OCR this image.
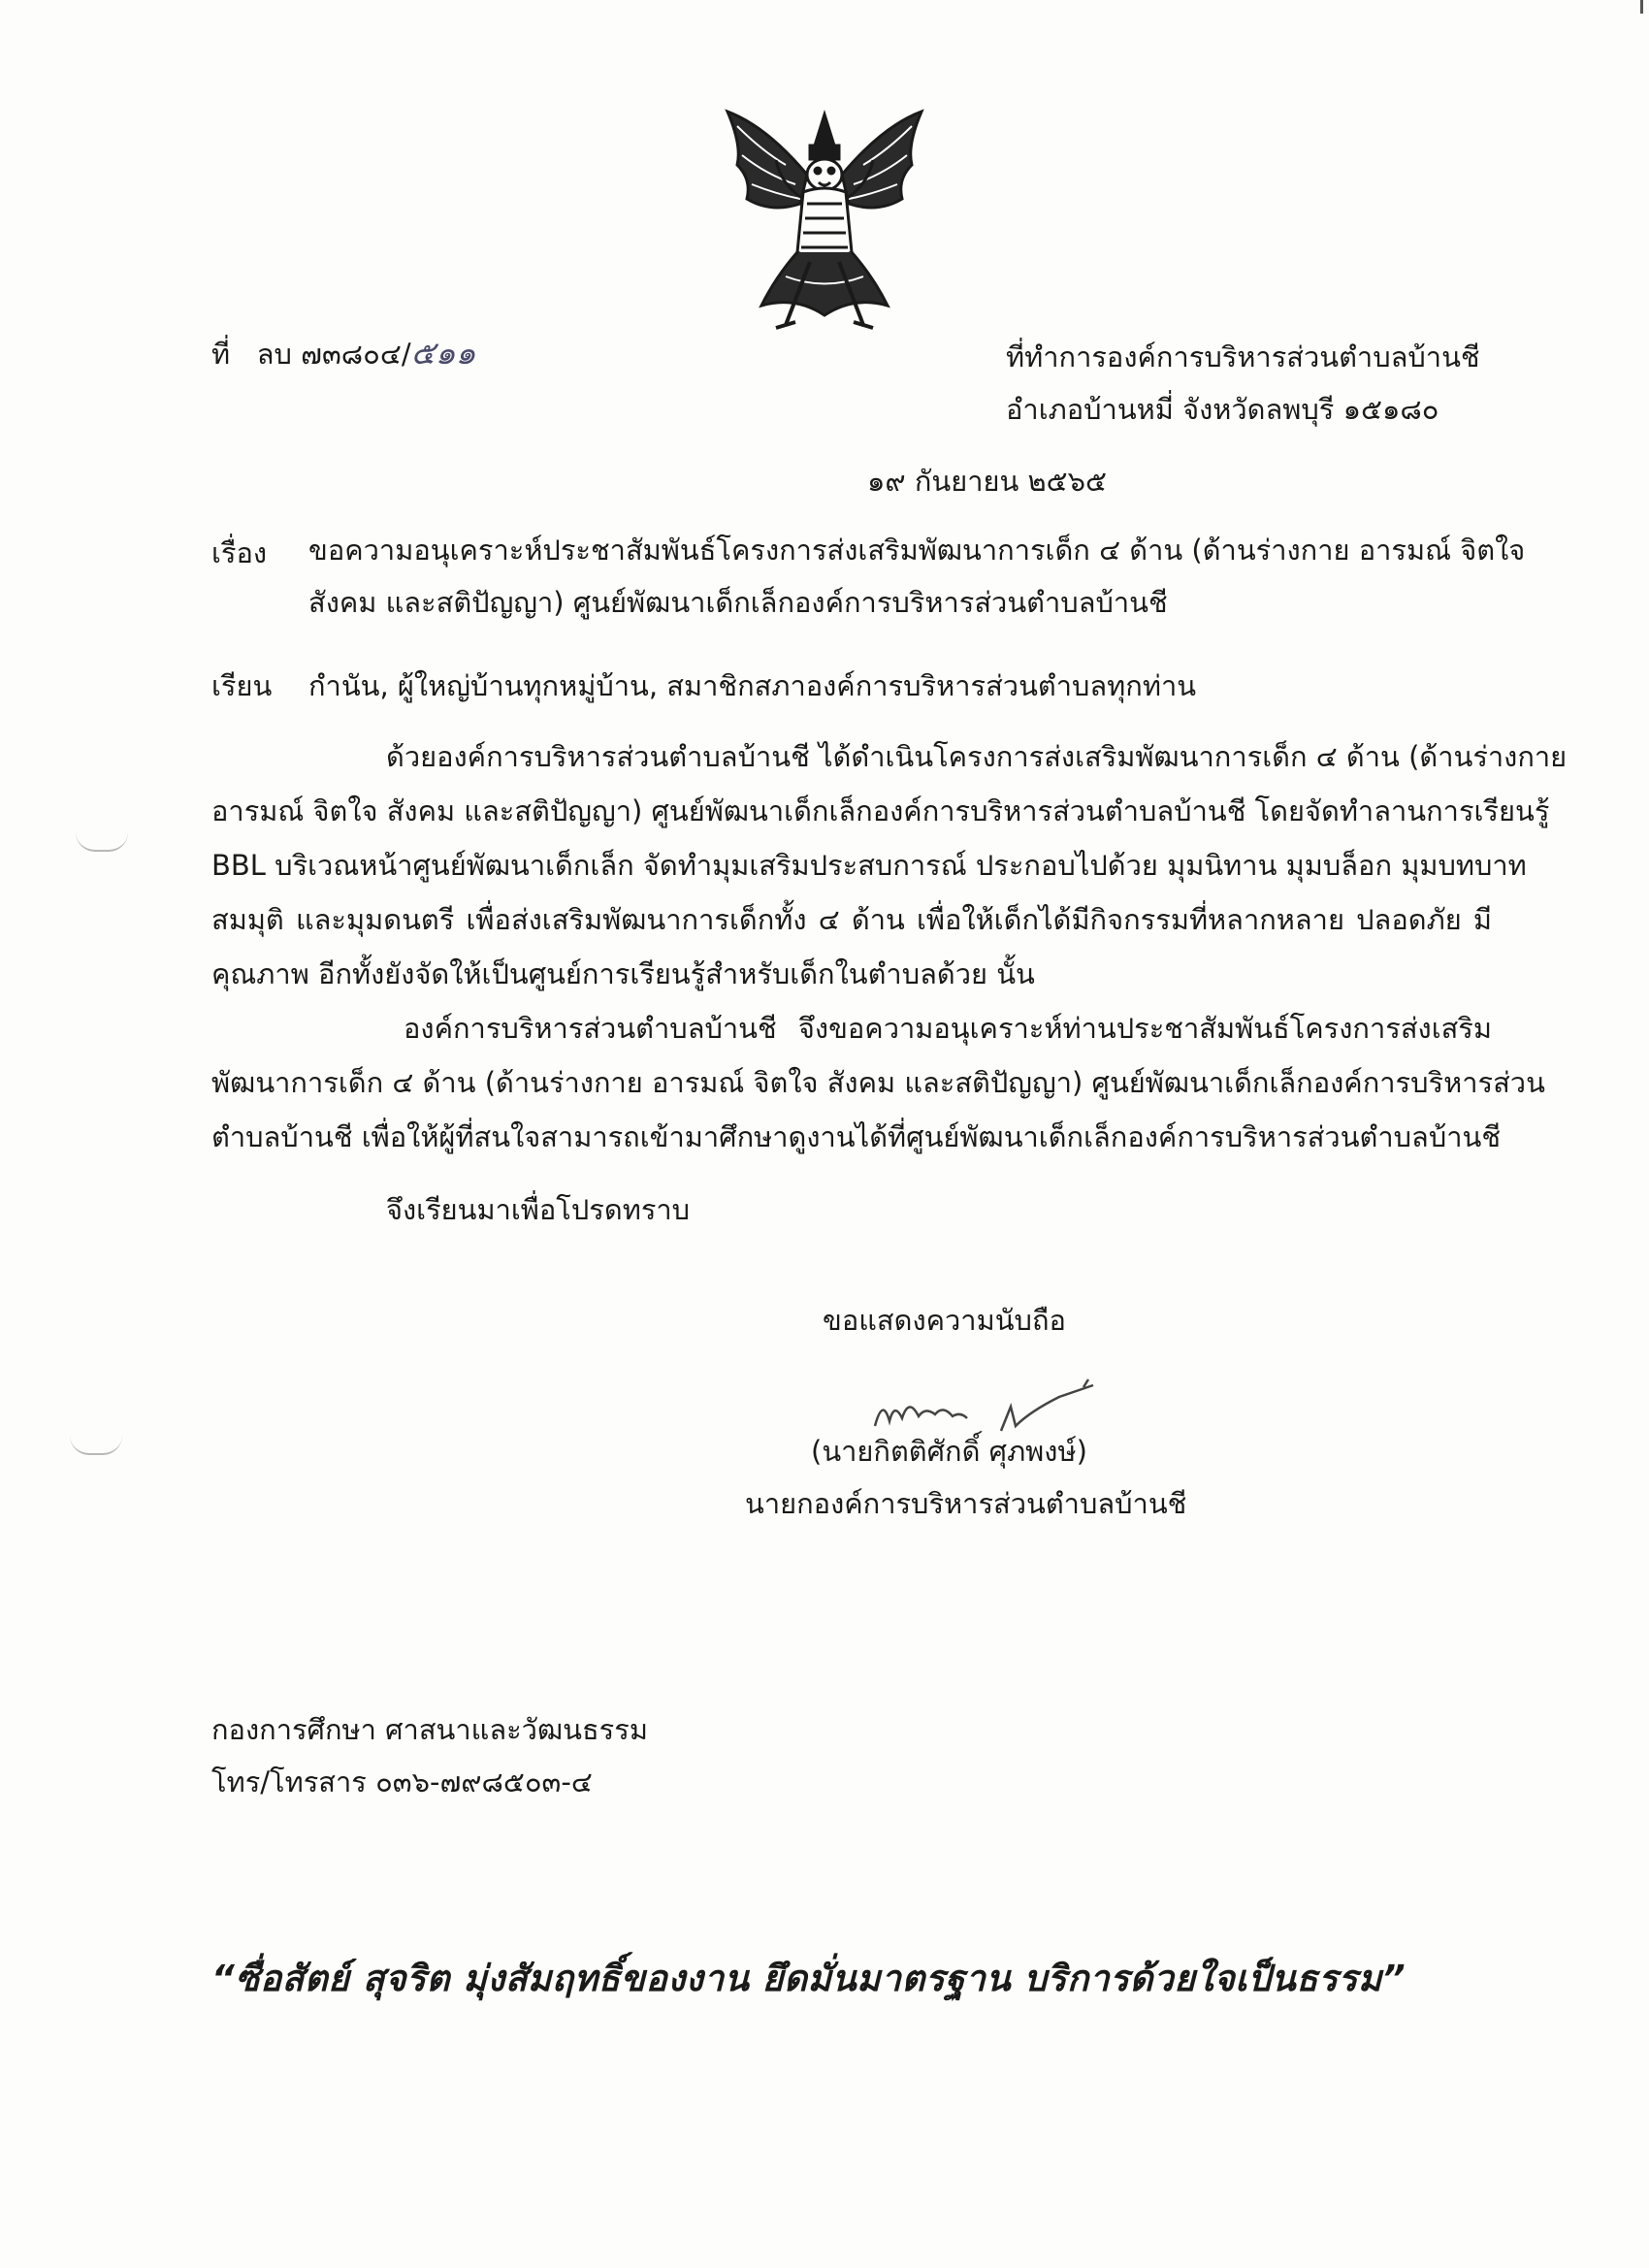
ที่ ลบ ๗๓๘๐๔/๕๑๑	ที่ทำการองค์การบริหารส่วนตำบลบ้านชี
อำเภอบ้านหมี่ จังหวัดลพบุรี ๑๕๑๘๐
๑๙ กันยายน ๒๕๖๕
เรื่อง ขอความอนุเคราะห์ประชาสัมพันธ์โครงการส่งเสริมพัฒนาการเด็ก ๔ ด้าน (ด้านร่างกาย อารมณ์ จิตใจ
สังคม และสติปัญญา) ศูนย์พัฒนาเด็กเล็กองค์การบริหารส่วนตำบลบ้านชี
เรียน กำนัน, ผู้ใหญ่บ้านทุกหมู่บ้าน, สมาชิกสภาองค์การบริหารส่วนตำบลทุกท่าน
ด้วยองค์การบริหารส่วนตำบลบ้านชี ได้ดำเนินโครงการส่งเสริมพัฒนาการเด็ก ๔ ด้าน (ด้านร่างกาย
อารมณ์ จิตใจ สังคม และสติปัญญา) ศูนย์พัฒนาเด็กเล็กองค์การบริหารส่วนตำบลบ้านชี โดยจัดทำลานการเรียนรู้
BBL บริเวณหน้าศูนย์พัฒนาเด็กเล็ก จัดทำมุมเสริมประสบการณ์ ประกอบไปด้วย มุมนิทาน มุมบล็อก มุมบทบาท
สมมุติ และมุมดนตรี เพื่อส่งเสริมพัฒนาการเด็กทั้ง ๔ ด้าน เพื่อให้เด็กได้มีกิจกรรมที่หลากหลาย ปลอดภัย มี
คุณภาพ อีกทั้งยังจัดให้เป็นศูนย์การเรียนรู้สำหรับเด็กในตำบลด้วย นั้น
องค์การบริหารส่วนตำบลบ้านชี จึงขอความอนุเคราะห์ท่านประชาสัมพันธ์โครงการส่งเสริม
พัฒนาการเด็ก ๔ ด้าน (ด้านร่างกาย อารมณ์ จิตใจ สังคม และสติปัญญา) ศูนย์พัฒนาเด็กเล็กองค์การบริหารส่วน
ตำบลบ้านชี เพื่อให้ผู้ที่สนใจสามารถเข้ามาศึกษาดูงานได้ที่ศูนย์พัฒนาเด็กเล็กองค์การบริหารส่วนตำบลบ้านชี
จึงเรียนมาเพื่อโปรดทราบ
ขอแสดงความนับถือ
(นายกิตติศักดิ์ ศุภพงษ์)
นายกองค์การบริหารส่วนตำบลบ้านชี
กองการศึกษา ศาสนาและวัฒนธรรม
โทร/โทรสาร ๐๓๖-๗๙๘๕๐๓-๔
“ซื่อสัตย์ สุจริต มุ่งสัมฤทธิ์ของงาน ยึดมั่นมาตรฐาน บริการด้วยใจเป็นธรรม”
